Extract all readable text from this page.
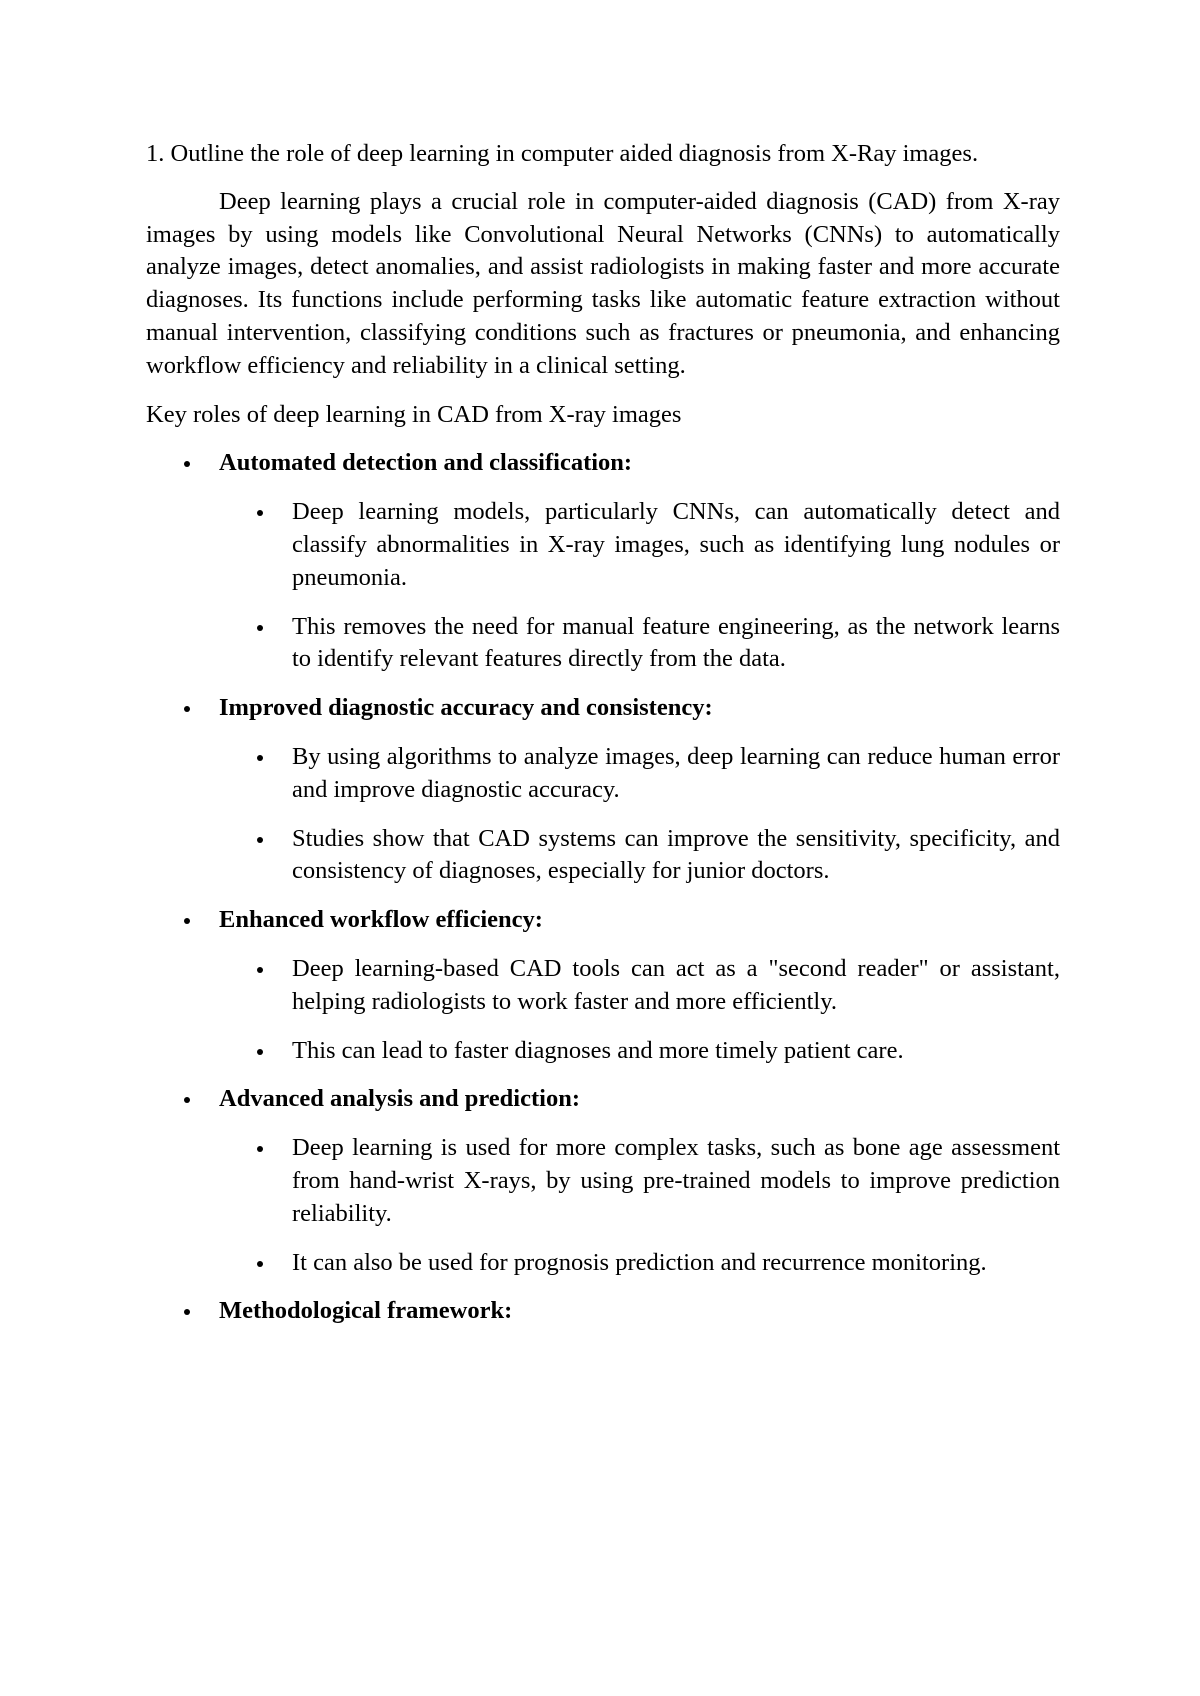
1. Outline the role of deep learning in computer aided diagnosis from X-Ray images.

Deep learning plays a crucial role in computer-aided diagnosis (CAD) from X-ray images by using models like Convolutional Neural Networks (CNNs) to automatically analyze images, detect anomalies, and assist radiologists in making faster and more accurate diagnoses. Its functions include performing tasks like automatic feature extraction without manual intervention, classifying conditions such as fractures or pneumonia, and enhancing workflow efficiency and reliability in a clinical setting.

Key roles of deep learning in CAD from X-ray images

Automated detection and classification:
Deep learning models, particularly CNNs, can automatically detect and classify abnormalities in X-ray images, such as identifying lung nodules or pneumonia.
This removes the need for manual feature engineering, as the network learns to identify relevant features directly from the data.
Improved diagnostic accuracy and consistency:
By using algorithms to analyze images, deep learning can reduce human error and improve diagnostic accuracy.
Studies show that CAD systems can improve the sensitivity, specificity, and consistency of diagnoses, especially for junior doctors.
Enhanced workflow efficiency:
Deep learning-based CAD tools can act as a "second reader" or assistant, helping radiologists to work faster and more efficiently.
This can lead to faster diagnoses and more timely patient care.
Advanced analysis and prediction:
Deep learning is used for more complex tasks, such as bone age assessment from hand-wrist X-rays, by using pre-trained models to improve prediction reliability.
It can also be used for prognosis prediction and recurrence monitoring.
Methodological framework:
